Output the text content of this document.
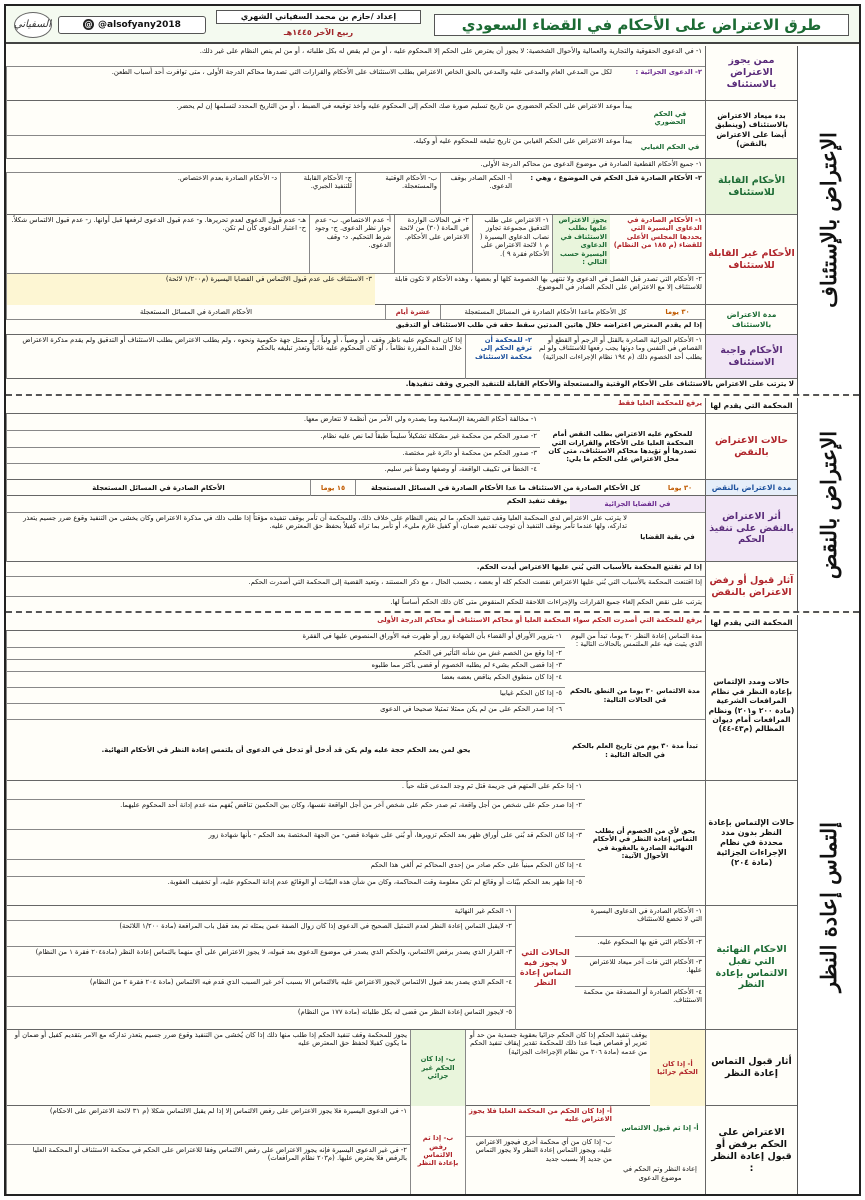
طرق الاعتراض على الأحكام في القضاء السعودي
إعداد /حازم بن محمد السفياني الشهري
ربيع الآخر ١٤٤٥هـ
@ @alsofyany2018
ﺍﻟﺴﻔﻴﺎﻧﻲ
الإعتراض بالإستئناف
ممن يجوز الاعتراض بالاستئناف
١- في الدعوى الحقوقية والتجارية والعمالية والأحوال الشخصية: لا يجوز أن يعترض على الحكم إلا المحكوم عليه ، أو من لم يقض له بكل طلباته ، أو من لم ينص النظام على غير ذلك.
٢- الدعوى الجزائية :
لكل من المدعي العام والمدعى عليه والمدعي بالحق الخاص الاعتراض بطلب الاستئناف على الأحكام والقرارات التي تصدرها محاكم الدرجة الأولى ، متى توافرت أحد أسباب الطعن.
بدء ميعاد الاعتراض بالاستئناف (وينطبق أيضا على الاعتراض بالنقض)
في الحكم الحضوري
يبدأ موعد الاعتراض على الحكم الحضوري من تاريخ تسليم صورة صك الحكم إلى المحكوم عليه وأخذ توقيعه في الضبط ، أو من التاريخ المحدد لتسلمها إن لم يحضر.
في الحكم الغيابي
يبدأ موعد الاعتراض على الحكم الغيابي من تاريخ تبليغه للمحكوم عليه أو وكيله.
الأحكام القابلة للاستئناف
١- جميع الأحكام القطعية الصادرة في موضوع الدعوى من محاكم الدرجة الأولى.
٢- الأحكام الصادرة قبل الحكم في الموضوع ، وهي :
أ- الحكم الصادر بوقف الدعوى.
ب- الأحكام الوقتية والمستعجلة.
ج- الأحكام القابلة للتنفيذ الجبري.
د- الأحكام الصادرة بعدم الاختصاص.
الأحكام غير القابلة للاستئناف
١- الأحكام الصادرة في الدعاوى اليسيرة التي يحددها المجلس الأعلى للقضاء (م ١٨٥ من النظام)
يجوز الاعتراض عليها بطلب الاستئناف في الدعاوى اليسيرة حسب التالي :
١- الاعتراض على طلب التدقيق مجموعة تجاوز نصاب الدعاوى اليسيرة ( م ١ لائحة الاعتراض على الأحكام فقرة ٩ ).
٢- في الحالات الواردة في المادة (٣٠) من لائحة الاعتراض على الأحكام.
أ- عدم الاختصاص. ب- عدم جواز نظر الدعوى. ج- وجود شرط التحكيم. د- وقف الدعوى.
هـ- عدم قبول الدعوى لعدم تحريرها. و- عدم قبول الدعوى لرفعها قبل أوانها. ز- عدم قبول الالتماس شكلاً. ح- اعتبار الدعوى كأن لم تكن.
٢- الأحكام التي تصدر قبل الفصل في الدعوى ولا تنتهي بها الخصومة كلها أو بعضها ، وهذه الأحكام لا تكون قابلة للاستئناف إلا مع الاعتراض على الحكم الصادر في الموضوع.
٣- الاستئناف على عدم قبول الالتماس في القضايا اليسيرة (م١/٢٠٠ لائحة)
مدة الاعتراض بالاستئناف
٣٠ يوما
كل الأحكام ماعدا الأحكام الصادرة في المسائل المستعجلة
عشرة أيام
الأحكام الصادرة في المسائل المستعجلة
إذا لم يقدم المعترض اعتراضه خلال هاتين المدتين سقط حقه في طلب الاستئناف أو التدقيق
الأحكام واجبة الاستئناف
١- الأحكام الجزائية الصادرة بالقتل أو الرجم أو القطع أو القصاص في النفس وما دونها يجب رفعها للاستئناف ولو لم يطلب أحد الخصوم ذلك (م ١٩٤ نظام الإجراءات الجزائية)
٢- للمحكمة أن ترفع الحكم إلى محكمة الاستئناف
إذا كان المحكوم عليه ناظر وقف ، أو وصياً ، أو ولياً ، أو ممثل جهة حكومية ونحوه ، ولم يطلب الاعتراض بطلب الاستئناف أو التدقيق ولم يقدم مذكرة الاعتراض خلال المدة المقررة نظاماً ، أو كان المحكوم عليه غائباً وتعذر تبليغه بالحكم
لا يترتب على الاعتراض بالاستئناف على الأحكام الوقتية والمستعجلة والأحكام القابلة للتنفيذ الجبري وقف تنفيذها.
الإعتراض بالنقض
المحكمة التي يقدم لها
يرفع للمحكمة العليا فقط
حالات الاعتراض بالنقض
للمحكوم عليه الاعتراض بطلب النقض أمام المحكمة العليا على الأحكام والقرارات التي تصدرها أو تؤيدها محاكم الاستئناف، متى كان محل الاعتراض على الحكم ما يلي:
١- مخالفة أحكام الشريعة الإسلامية وما يصدره ولي الأمر من أنظمة لا تتعارض معها.
٢- صدور الحكم من محكمة غير مشكلة تشكيلاً سليماً طبقاً لما نص عليه نظام.
٣- صدور الحكم من محكمة أو دائرة غير مختصة.
٤- الخطأ في تكييف الواقعة، أو وصفها وصفاً غير سليم.
مدة الاعتراض بالنقض
٣٠ يوما
كل الأحكام الصادرة من الاستئناف ما عدا الأحكام الصادرة في المسائل المستعجلة
١٥ يوما
الأحكام الصادرة في المسائل المستعجلة
أثر الاعتراض بالنقض على تنفيذ الحكم
في القضايا الجزائية
يوقف تنفيذ الحكم
في بقية القضايا
لا يترتب على الاعتراض لدى المحكمة العليا وقف تنفيذ الحكم، ما لم ينص النظام على خلاف ذلك، وللمحكمة أن تأمر بوقف تنفيذه مؤقتاً إذا طلب ذلك في مذكرة الاعتراض وكان يخشى من التنفيذ وقوع ضرر جسيم يتعذر تداركه، ولها عندما تأمر بوقف التنفيذ أن توجب تقديم ضمان، أو كفيل غارم مليء، أو تأمر بما تراه كفيلاً بحفظ حق المعترض عليه.
آثار قبول أو رفض الاعتراض بالنقض
إذا لم تقتنع المحكمة بالأسباب التي بُني عليها الاعتراض أيدت الحكم.
إذا اقتنعت المحكمة بالأسباب التي بُني عليها الاعتراض نقضت الحكم كله أو بعضه ، بحسب الحال ، مع ذكر المستند ، وتعيد القضية إلى المحكمة التي أصدرت الحكم.
يترتب على نقض الحكم إلغاء جميع القرارات والإجراءات اللاحقة للحكم المنقوض متى كان ذلك الحكم أساساً لها.
إلتماس إعادة النظر
المحكمة التي يقدم لها
يرفع للمحكمة التي أصدرت الحكم سواء المحكمة العليا أو محاكم الاستئناف أو محاكم الدرجة الأولى
حالات ومدد الإلتماس بإعادة النظر في نظام المرافعات الشرعية (مادة ٢٠٠ و٢٠١) ونظام المرافعات أمام ديوان المظالم (م٤٣-٤٤)
مدة التماس إعادة النظر ٣٠ يوما، تبدأ من اليوم الذي يثبت فيه علم الملتمس بالحالات التالية :
١- بتزوير الأوراق أو القضاء بأن الشهادة زور أو ظهرت فيه الأوراق المنصوص عليها في الفقرة
٢- إذا وقع من الخصم غش من شأنه التأثير في الحكم
٣- إذا قضى الحكم بشيء لم يطلبه الخصوم أو قضى بأكثر مما طلبوه
مدة الالتماس ٣٠ يوما من النطق بالحكم في الحالات التالية:
٤- إذا كان منطوق الحكم يناقض بعضه بعضا
٥- إذا كان الحكم غيابيا
٦- إذا صدر الحكم على من لم يكن ممثلا تمثيلا صحيحا في الدعوى
تبدأ مدة ٣٠ يوم من تاريخ العلم بالحكم في الحالة التالية :
يحق لمن يعد الحكم حجة عليه ولم يكن قد أدخل أو تدخل في الدعوى أن يلتمس إعادة النظر في الأحكام النهائية.
حالات الإلتماس بإعادة النظر بدون مدد محددة في نظام الإجراءات الجزائية (مادة ٢٠٤)
يحق لأي من الخصوم أن يطلب التماس إعادة النظر في الأحكام النهائية الصادرة بالعقوبة في الأحوال الآتية:
١- إذا حكم على المتهم في جريمة قتل ثم وجد المدعى قتله حياً .
٢- إذا صدر حكم على شخص من أجل واقعة، ثم صدر حكم على شخص آخر من أجل الواقعة نفسها، وكان بين الحكمين تناقض يُفهم منه عدم إدانة أحد المحكوم عليهما.
٣- إذا كان الحكم قد بُني على أوراق ظهر بعد الحكم تزويرها، أو بُني على شهادة قضي- من الجهة المختصة بعد الحكم - بأنها شهادة زور
٤- إذا كان الحكم مبنياً على حكم صادر من إحدى المحاكم ثم ألغي هذا الحكم
٥- إذا ظهر بعد الحكم بيّنات أو وقائع لم تكن معلومة وقت المحاكمة، وكان من شأن هذه البيّنات أو الوقائع عدم إدانة المحكوم عليه، أو تخفيف العقوبة.
الاحكام النهائية التي تقبل الالتماس بإعادة النظر
١- الأحكام الصادرة في الدعاوى اليسيرة التي لا تخضع للاستئناف
٢- الأحكام التي قنع بها المحكوم عليه.
٣- الأحكام التي فات آخر ميعاد للاعتراض عليها.
٤- الأحكام الصادرة أو المصدقة من محكمة الاستئناف.
الحالات التي لا يجوز فيه التماس إعادة النظر
١- الحكم غير النهائية
٢- لايقبل التماس إعادة النظر لعدم التمثيل الصحيح في الدعوى إذا كان زوال الصفة عمن يمثله تم بعد قفل باب المرافعة (مادة ١/٢٠٠ اللائحة)
٣- القرار الذي يصدر برفض الالتماس، والحكم الذي يصدر في موضوع الدعوى بعد قبوله، لا يجوز الاعتراض على أي منهما بالتماس إعادة النظر (مادة٢٠٤ فقرة ١ من النظام)
٤- الحكم الذي يصدر بعد قبول الالتماس لايجوز الاعتراض عليه بالالتماس الا بسبب آخر غير السبب الذي قدم فيه الالتماس (مادة ٢٠٤ فقرة ٢ من النظام)
٥- لايجوز التماس إعادة النظر من قضى له بكل طلباته (مادة ١٧٧ من النظام)
أثار قبول التماس إعادة النظر
أ- إذا كان الحكم جزائيا
يوقف تنفيذ الحكم إذا كان الحكم جزائيا بعقوبة جسدية من حد أو تعزير أو قصاص فيما عدا ذلك للمحكمة تقدير إيقاف تنفيذ الحكم من عدمه (مادة ٢٠٦ من نظام الإجراءات الجزائية)
ب- إذا كان الحكم غير جزائي
يجوز للمحكمة وقف تنفيذ الحكم إذا طلب منها ذلك إذا كان يُخشى من التنفيذ وقوع ضرر جسيم يتعذر تداركه مع الامر بتقديم كفيل أو ضمان أو ما يكون كفيلا لحفظ حق المعترض عليه
الاعتراض على الحكم برفض أو قبول إعادة النظر :
أ- إذا تم قبول الالتماس
إعادة النظر وتم الحكم في موضوع الدعوى
أ- إذا كان الحكم من المحكمة العليا فلا يجوز الاعتراض عليه
ب- إذا كان من أي محكمة أخرى فيجوز الاعتراض عليه، ويجوز التماس إعادة النظر ولا يجوز التماس من جديد إلا بسبب جديد
ب- إذا تم رفض الالتماس بإعادة النظر
١- في الدعوى اليسيرة فلا يجوز الاعتراض على رفض الالتماس إلا إذا لم يقبل الالتماس شكلا (م ٣١ لائحة الاعتراض على الاحكام)
٢- في غير الدعوى اليسيرة فإنه يجوز الاعتراض على رفض الالتماس وفقا للاعتراض على الحكم في محكمة الاستئناف أو المحكمة العليا بالرفض فلا يعترض عليها. (م٢٠٣ نظام المرافعات)
